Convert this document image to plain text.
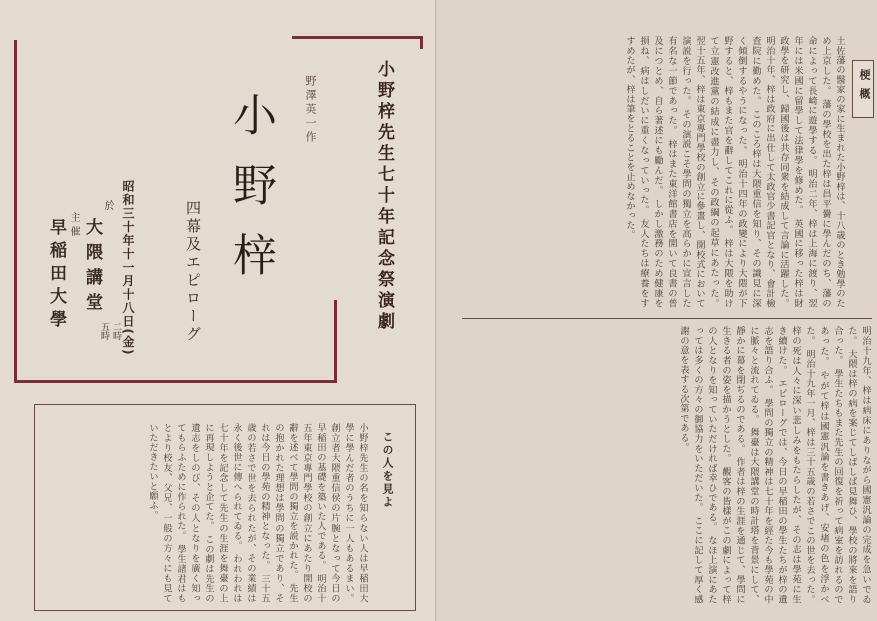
小野梓先生七十年記念祭演劇
野澤英一作
小野梓
四幕及エピローグ
昭和三十年十一月十八日(金)
二時
五時
於
大隈講堂
主催
早稲田大學
この人を見よ
小野梓先生の名を知らない人は早稲田大學に學んだ者のうちに一人もあるまい。 創立者大隈重信侯の片腕となって今日の早稲田の基礎を築いた人である。 明治十五年東京專門學校の創立にあたり開校の辭を述べて學問の獨立を説かれた。 先生の抱かれた理想は學問の獨立であり、それは今日の學苑の精神となった。 三十五歳の若さで世を去られたが、その業績は永く後世に傳へられてゐる。 われわれは七十年を記念して先生の生涯を舞臺の上に再現しようと企てた。 この劇は先生の遺志をしのび、その人となりを廣く知ってもらふために作られた。 學生諸君はもとより校友、父兄、一般の方々にも見ていただきたいと願ふ。
梗概
土佐藩の醫家の家に生まれた小野梓は、十八歳のとき勉學のため上京した。 藩の學校を出た梓は昌平黌に學んだのち、藩の命によって長崎に遊學する。 明治二年、梓は上海に渡り、翌年には米國に留學して法律學を修めた。 英國に移った梓は財政學を研究し、歸國後は共存同衆を結成して言論に活躍した。 明治十年、梓は政府に出仕して太政官少書記官となり、會計檢査院に勤めた。 このころ梓は大隈重信を知り、その識見に深く傾倒するやうになった。 明治十四年の政變により大隈が下野すると、梓もまた官を辭してこれに從ふ。 梓は大隈を助けて立憲改進黨の結成に盡力し、その政綱の起草にあたった。 翌十五年、梓は東京專門學校の創立に參畫し、開校式において演説を行った。 その演説こそ學問の獨立を高らかに宣言した有名な一節であった。 梓はまた東洋館書店を開いて良書の普及につとめ、自ら著述にも勵んだ。 しかし激務のため健康を損ね、病はしだいに重くなっていった。 友人たちは療養をすすめたが、梓は筆をとることを止めなかった。
明治十九年、梓は病床にありながら國憲汎論の完成を急いでゐた。 大隈は梓の病を案じてしばしば見舞ひ、學校の將來を語り合った。 學生たちもまた先生の回復を祈って病室を訪れるのであった。 やがて梓は國憲汎論を書きあげ、安堵の色を浮かべた。 明治十九年一月、梓は三十五歳の若さでこの世を去った。 梓の死は人々に深い悲しみをもたらしたが、その志は學苑に生き續けた。 エピローグでは、今日の早稲田の學生たちが梓の遺志を語り合ふ。 學問の獨立の精神は七十年を經た今も學苑の中に脈々と流れてゐる。 舞臺は大隈講堂の時計塔を背景にして、靜かに幕を閉ぢるのである。 作者は梓の生涯を通じて、學問に生きる者の姿を描かうとした。 觀客の皆樣がこの劇によって梓の人となりを知っていただければ幸ひである。 なほ上演にあたっては多くの方々の御協力をいただいた。 ここに記して厚く感謝の意を表する次第である。
